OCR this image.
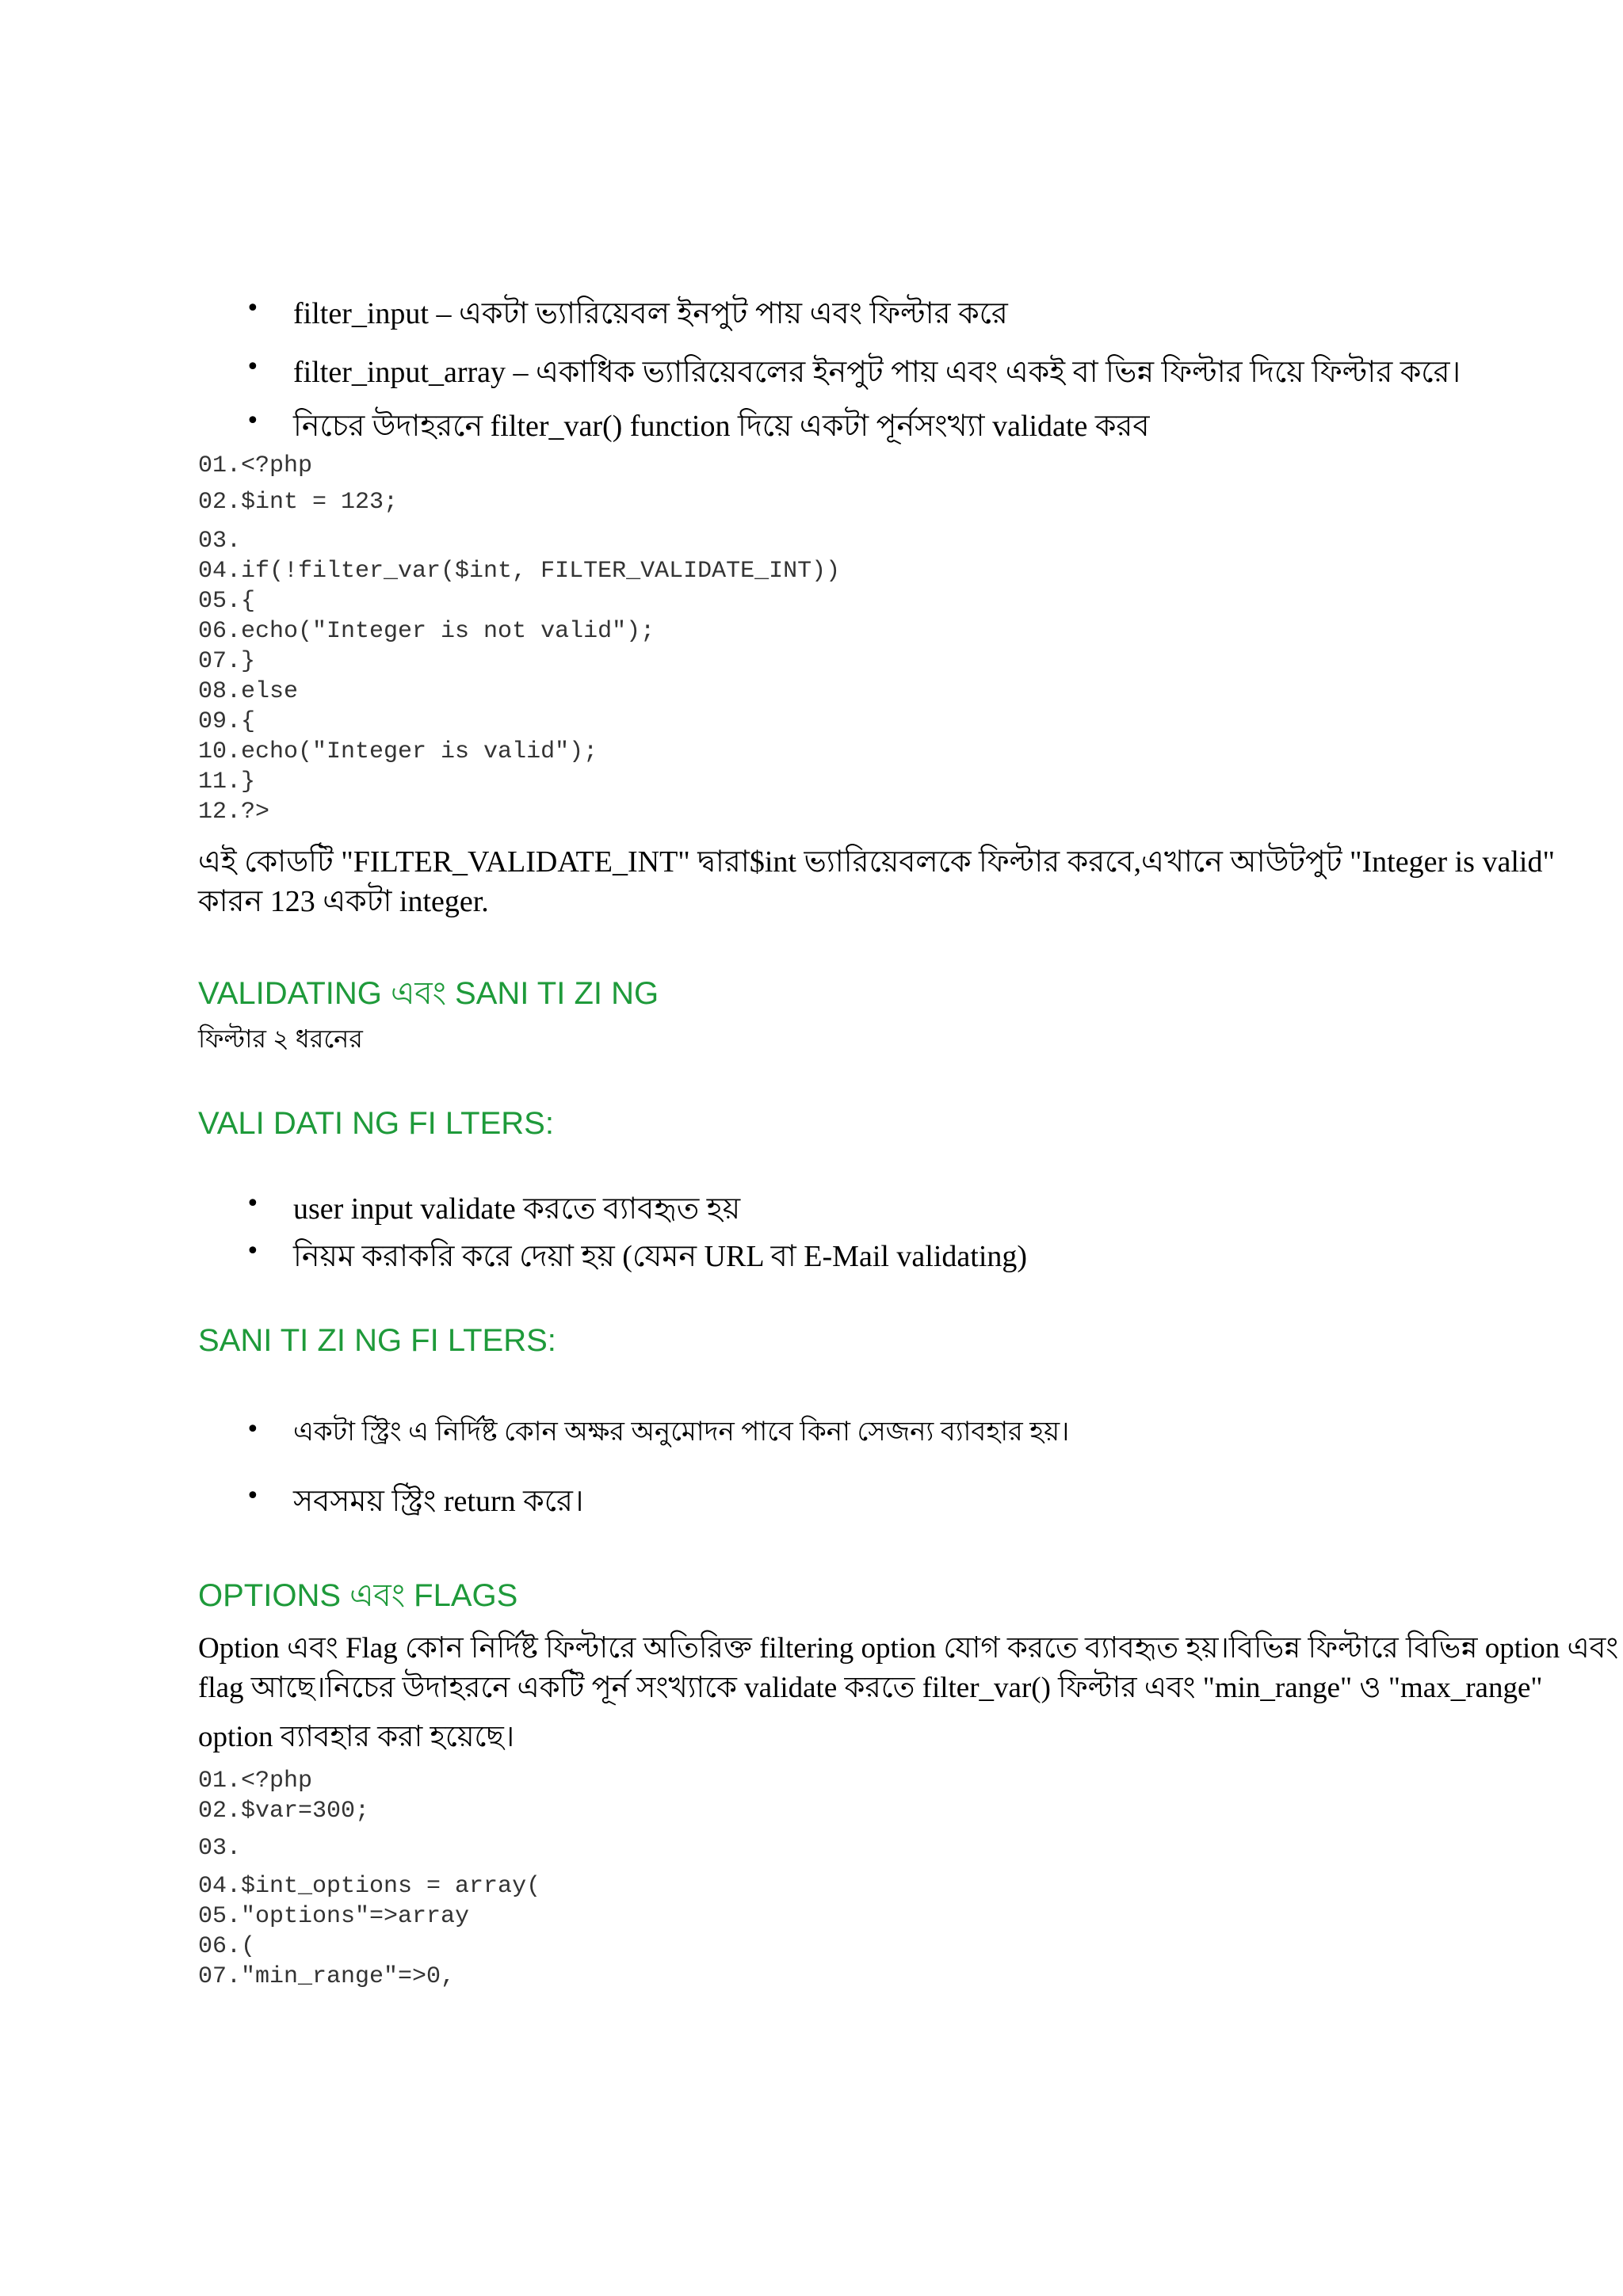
• filter_input – একটা ভ্যারিয়েবল ইনপুট পায় এবং ফিল্টার করে
• filter_input_array – একাধিক ভ্যারিয়েবলের ইনপুট পায় এবং একই বা ভিন্ন ফিল্টার দিয়ে ফিল্টার করে।
• নিচের উদাহরনে filter_var() function দিয়ে একটা পূর্নসংখ্যা validate করব
01.<?php
02.$int = 123;
03.
04.if(!filter_var($int, FILTER_VALIDATE_INT))
05.{
06.echo("Integer is not valid");
07.}
08.else
09.{
10.echo("Integer is valid");
11.}
12.?>
এই কোডটি "FILTER_VALIDATE_INT" দ্বারা$int ভ্যারিয়েবলকে ফিল্টার করবে,এখানে আউটপুট "Integer is valid"
কারন 123 একটা integer.
VALIDATING এবং SANI TI ZI NG
ফিল্টার ২ ধরনের
VALI DATI NG FI LTERS:
• user input validate করতে ব্যাবহৃত হয়
• নিয়ম করাকরি করে দেয়া হয় (যেমন URL বা E-Mail validating)
SANI TI ZI NG FI LTERS:
• একটা স্ট্রিং এ নির্দিষ্ট কোন অক্ষর অনুমোদন পাবে কিনা সেজন্য ব্যাবহার হয়।
• সবসময় স্ট্রিং return করে।
OPTIONS এবং FLAGS
Option এবং Flag কোন নির্দিষ্ট ফিল্টারে অতিরিক্ত filtering option যোগ করতে ব্যাবহৃত হয়।বিভিন্ন ফিল্টারে বিভিন্ন option এবং
flag আছে।নিচের উদাহরনে একটি পূর্ন সংখ্যাকে validate করতে filter_var() ফিল্টার এবং "min_range" ও "max_range"
option ব্যাবহার করা হয়েছে।
01.<?php
02.$var=300;
03.
04.$int_options = array(
05."options"=>array
06.(
07."min_range"=>0,
